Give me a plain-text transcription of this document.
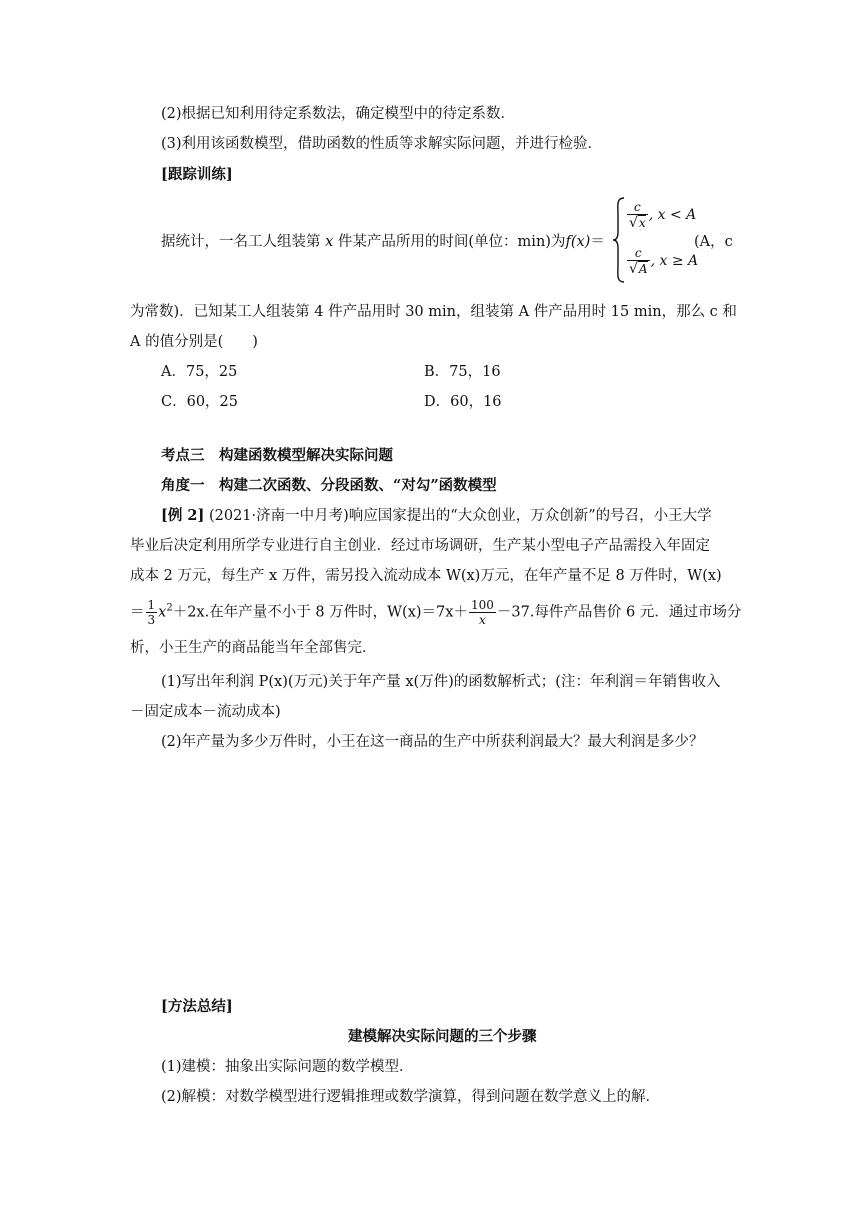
(2)根据已知利用待定系数法，确定模型中的待定系数．
(3)利用该函数模型，借助函数的性质等求解实际问题，并进行检验．
[跟踪训练]
据统计，一名工人组装第 x 件某产品所用的时间(单位：min)为f(x)＝
$\frac{c}{√x}$ , x < A
$\frac{c}{√A}$ , x ≥ A
(A，c
为常数)．已知某工人组装第 4 件产品用时 30 min，组装第 A 件产品用时 15 min，那么 c 和
A 的值分别是(　　)
A．75，25	B．75，16
C．60，25	D．60，16
考点三　构建函数模型解决实际问题
角度一　构建二次函数、分段函数、“对勾”函数模型
[例 2] (2021·济南一中月考)响应国家提出的“大众创业，万众创新”的号召，小王大学
毕业后决定利用所学专业进行自主创业．经过市场调研，生产某小型电子产品需投入年固定
成本 2 万元，每生产 x 万件，需另投入流动成本 W(x)万元，在年产量不足 8 万件时，W(x)
＝ $\frac{1}{3} x^2+2x$.在年产量不小于 8 万件时，$W(x)=7x+ \frac{100}{x} -37$.每件产品售价 6 元．通过市场分
析，小王生产的商品能当年全部售完．
(1)写出年利润 P(x)(万元)关于年产量 x(万件)的函数解析式；(注：年利润＝年销售收入
－固定成本－流动成本)
(2)年产量为多少万件时，小王在这一商品的生产中所获利润最大？最大利润是多少？
[方法总结]
建模解决实际问题的三个步骤
(1)建模：抽象出实际问题的数学模型．
(2)解模：对数学模型进行逻辑推理或数学演算，得到问题在数学意义上的解．
